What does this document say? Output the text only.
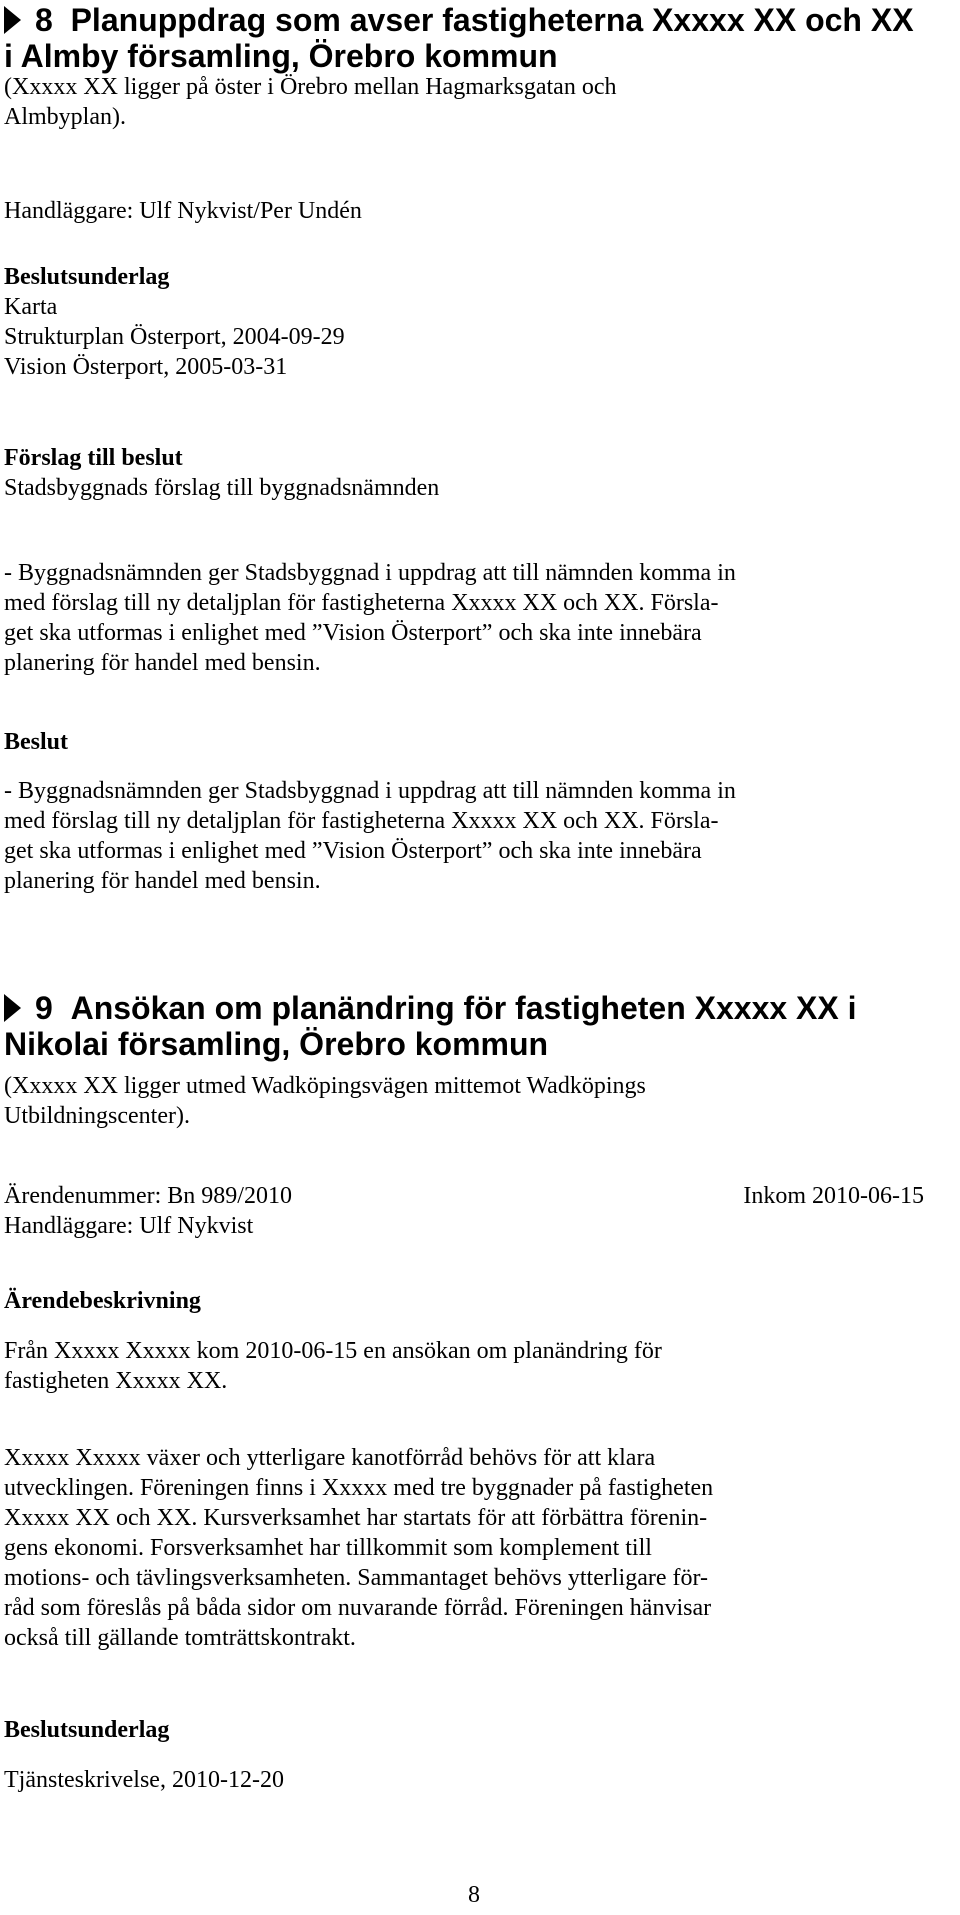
8 Planuppdrag som avser fastigheterna Xxxxx XX och XX
i Almby församling, Örebro kommun

(Xxxxx XX ligger på öster i Örebro mellan Hagmarksgatan och

Almbyplan).

Handläggare: Ulf Nykvist/Per Undén

Beslutsunderlag

Karta

Strukturplan Österport, 2004-09-29

Vision Österport, 2005-03-31

Förslag till beslut

Stadsbyggnads förslag till byggnadsnämnden

- Byggnadsnämnden ger Stadsbyggnad i uppdrag att till nämnden komma in

med förslag till ny detaljplan för fastigheterna Xxxxx XX och XX. Försla-

get ska utformas i enlighet med ”Vision Österport” och ska inte innebära

planering för handel med bensin.

Beslut

- Byggnadsnämnden ger Stadsbyggnad i uppdrag att till nämnden komma in

med förslag till ny detaljplan för fastigheterna Xxxxx XX och XX. Försla-

get ska utformas i enlighet med ”Vision Österport” och ska inte innebära

planering för handel med bensin.

9 Ansökan om planändring för fastigheten Xxxxx XX i
Nikolai församling, Örebro kommun

(Xxxxx XX ligger utmed Wadköpingsvägen mittemot Wadköpings

Utbildningscenter).

Ärendenummer: Bn 989/2010	Inkom 2010-06-15

Handläggare: Ulf Nykvist

Ärendebeskrivning

Från Xxxxx Xxxxx kom 2010-06-15 en ansökan om planändring för

fastigheten Xxxxx XX.

Xxxxx Xxxxx växer och ytterligare kanotförråd behövs för att klara

utvecklingen. Föreningen finns i Xxxxx med tre byggnader på fastigheten

Xxxxx XX och XX. Kursverksamhet har startats för att förbättra förenin-

gens ekonomi. Forsverksamhet har tillkommit som komplement till

motions- och tävlingsverksamheten. Sammantaget behövs ytterligare för-

råd som föreslås på båda sidor om nuvarande förråd. Föreningen hänvisar

också till gällande tomträttskontrakt.

Beslutsunderlag

Tjänsteskrivelse, 2010-12-20

8
